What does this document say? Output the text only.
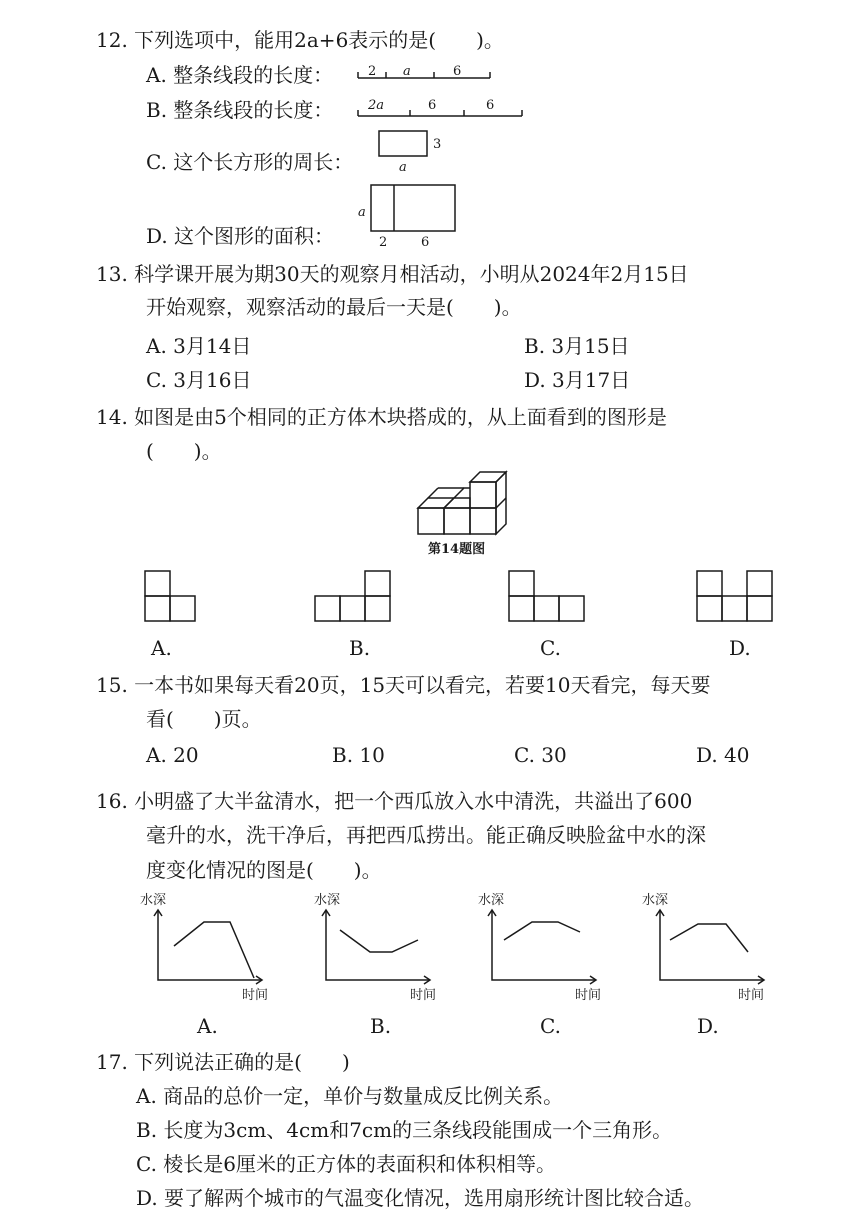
12. 下列选项中，能用2a+6表示的是(　　)。
A. 整条线段的长度：	2 a	6
B. 整条线段的长度：	2a	6	6
C. 这个长方形的周长：
3
a
D. 这个图形的面积：
a
2	6
13. 科学课开展为期30天的观察月相活动，小明从2024年2月15日
开始观察，观察活动的最后一天是(　　)。
A. 3月14日	B. 3月15日
C. 3月16日	D. 3月17日
14. 如图是由5个相同的正方体木块搭成的，从上面看到的图形是
(　　)。
第14题图
A.	B.	C.	D.
15. 一本书如果每天看20页，15天可以看完，若要10天看完，每天要
看(　　)页。
A. 20	B. 10	C. 30	D. 40
16. 小明盛了大半盆清水，把一个西瓜放入水中清洗，共溢出了600
毫升的水，洗干净后，再把西瓜捞出。能正确反映脸盆中水的深
度变化情况的图是(　　)。
水深
时间
A.
水深
时间
B.
水深
时间
C.
水深
时间
D.
17. 下列说法正确的是(　　)
A. 商品的总价一定，单价与数量成反比例关系。
B. 长度为3cm、4cm和7cm的三条线段能围成一个三角形。
C. 棱长是6厘米的正方体的表面积和体积相等。
D. 要了解两个城市的气温变化情况，选用扇形统计图比较合适。
